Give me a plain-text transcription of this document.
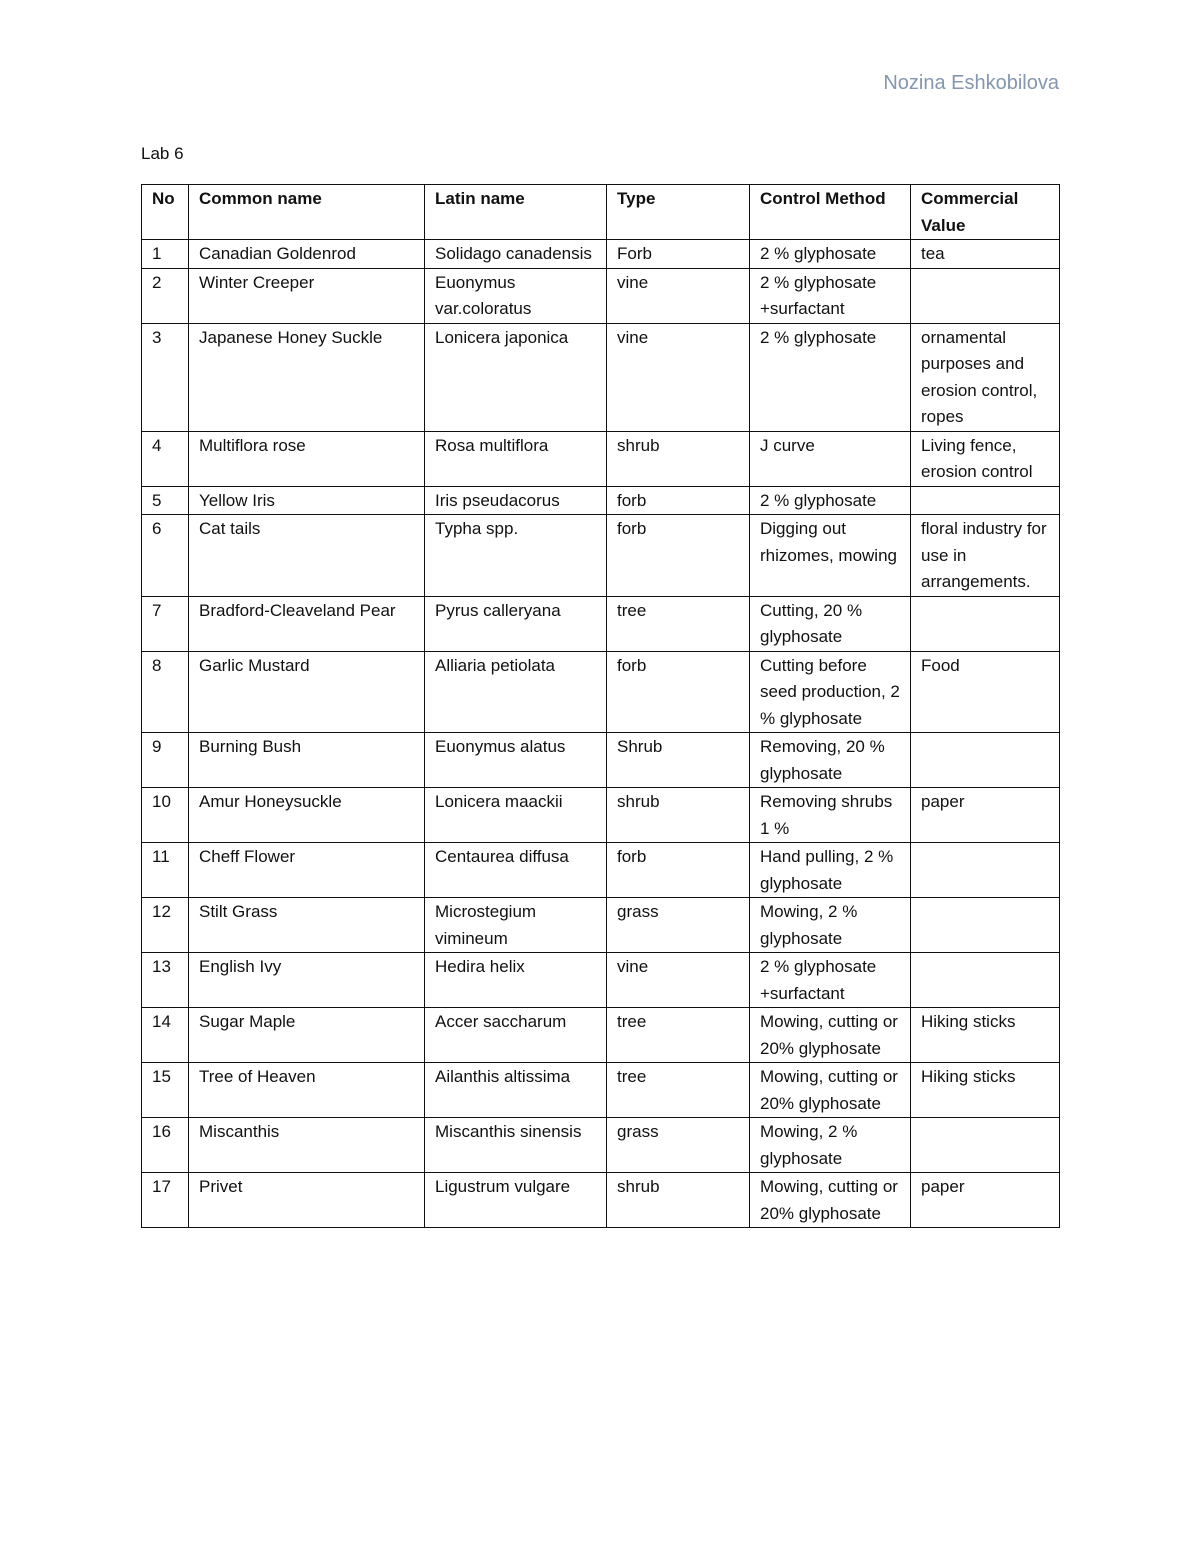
Nozina Eshkobilova
Lab 6
No	Common name	Latin name	Type	Control Method	Commercial Value
1	Canadian Goldenrod	Solidago canadensis	Forb	2 % glyphosate	tea
2	Winter Creeper	Euonymus var.coloratus	vine	2 % glyphosate +surfactant	
3	Japanese Honey Suckle	Lonicera japonica	vine	2 % glyphosate	ornamental purposes and erosion control, ropes
4	Multiflora rose	Rosa multiflora	shrub	J curve	Living fence, erosion control
5	Yellow Iris	Iris pseudacorus	forb	2 % glyphosate	
6	Cat tails	Typha spp.	forb	Digging out rhizomes, mowing	floral industry for use in arrangements.
7	Bradford-Cleaveland Pear	Pyrus calleryana	tree	Cutting, 20 % glyphosate	
8	Garlic Mustard	Alliaria petiolata	forb	Cutting before seed production, 2 % glyphosate	Food
9	Burning Bush	Euonymus alatus	Shrub	Removing, 20 % glyphosate	
10	Amur Honeysuckle	Lonicera maackii	shrub	Removing shrubs 1 %	paper
11	Cheff Flower	Centaurea diffusa	forb	Hand pulling, 2 % glyphosate	
12	Stilt Grass	Microstegium vimineum	grass	Mowing, 2 % glyphosate	
13	English Ivy	Hedira helix	vine	2 % glyphosate +surfactant	
14	Sugar Maple	Accer saccharum	tree	Mowing, cutting or 20% glyphosate	Hiking sticks
15	Tree of Heaven	Ailanthis altissima	tree	Mowing, cutting or 20% glyphosate	Hiking sticks
16	Miscanthis	Miscanthis sinensis	grass	Mowing, 2 % glyphosate	
17	Privet	Ligustrum vulgare	shrub	Mowing, cutting or 20% glyphosate	paper
